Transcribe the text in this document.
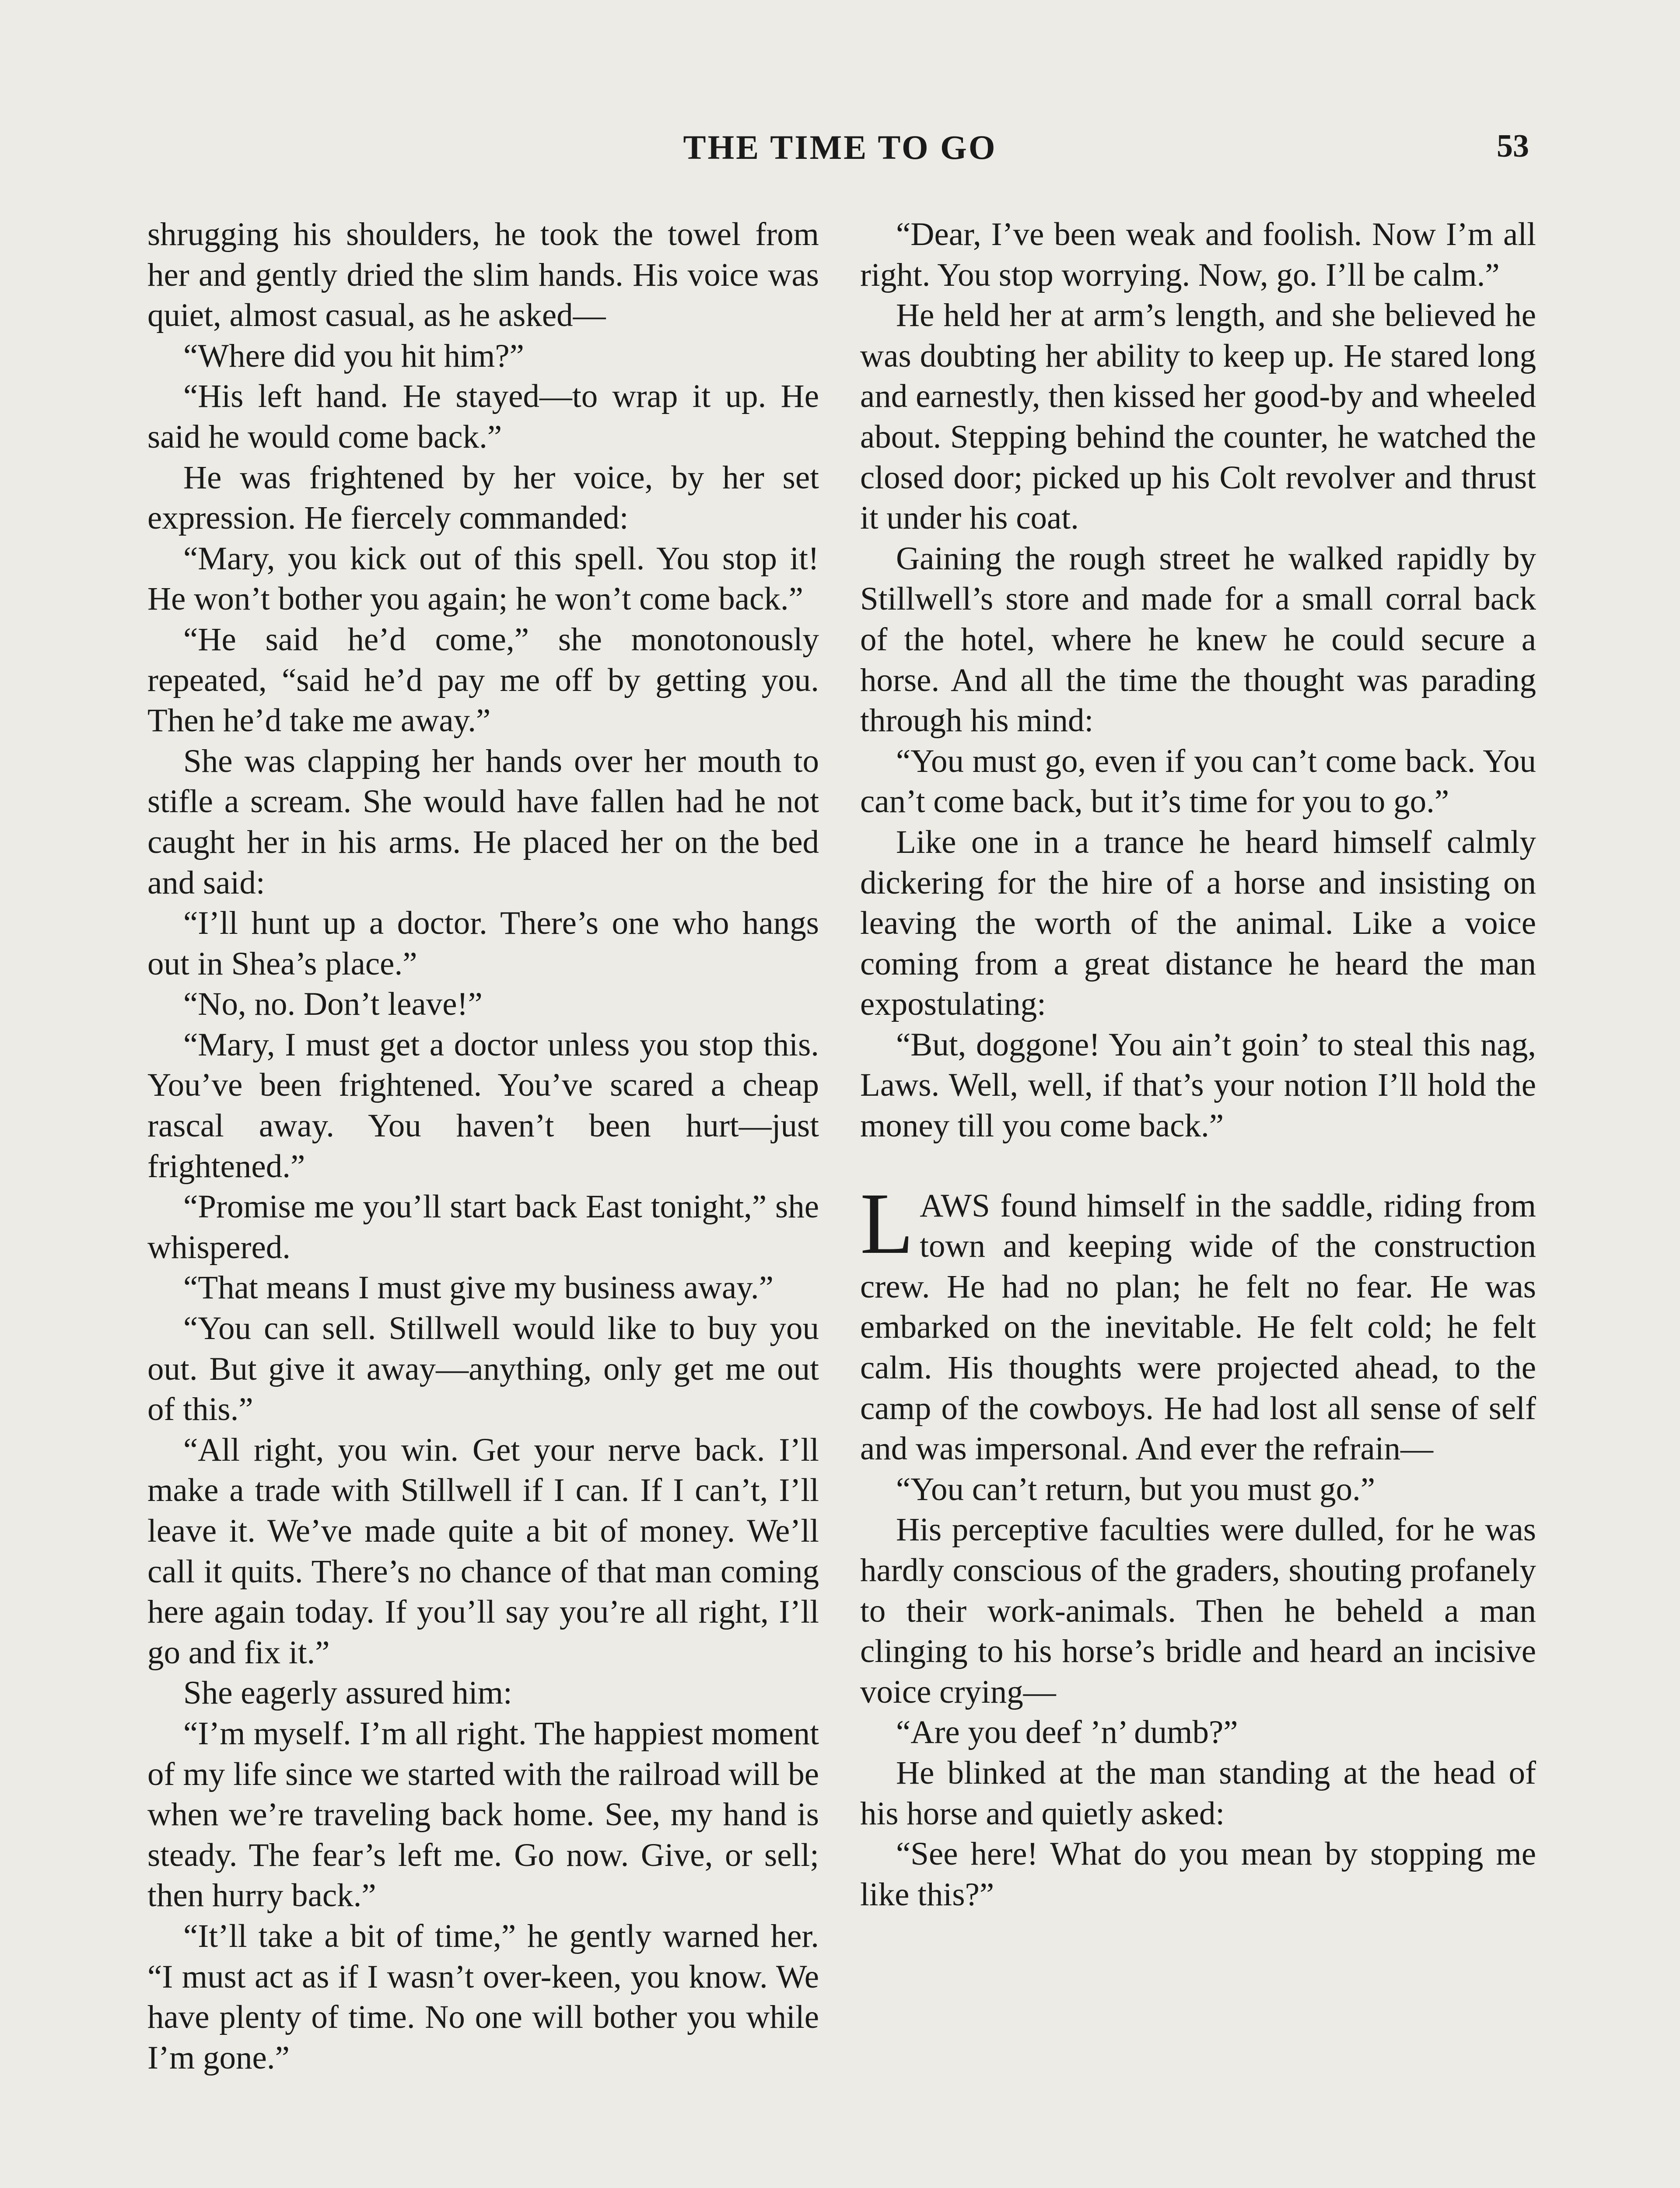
THE TIME TO GO	53

shrugging his shoulders, he took the towel from her and gently dried the slim hands. His voice was quiet, almost casual, as he asked—

“Where did you hit him?”

“His left hand. He stayed—to wrap it up. He said he would come back.”

He was frightened by her voice, by her set expression. He fiercely commanded:

“Mary, you kick out of this spell. You stop it! He won’t bother you again; he won’t come back.”

“He said he’d come,” she monotonously repeated, “said he’d pay me off by getting you. Then he’d take me away.”

She was clapping her hands over her mouth to stifle a scream. She would have fallen had he not caught her in his arms. He placed her on the bed and said:

“I’ll hunt up a doctor. There’s one who hangs out in Shea’s place.”

“No, no. Don’t leave!”

“Mary, I must get a doctor unless you stop this. You’ve been frightened. You’ve scared a cheap rascal away. You haven’t been hurt—just frightened.”

“Promise me you’ll start back East tonight,” she whispered.

“That means I must give my business away.”

“You can sell. Stillwell would like to buy you out. But give it away—anything, only get me out of this.”

“All right, you win. Get your nerve back. I’ll make a trade with Stillwell if I can. If I can’t, I’ll leave it. We’ve made quite a bit of money. We’ll call it quits. There’s no chance of that man coming here again today. If you’ll say you’re all right, I’ll go and fix it.”

She eagerly assured him:

“I’m myself. I’m all right. The happiest moment of my life since we started with the railroad will be when we’re traveling back home. See, my hand is steady. The fear’s left me. Go now. Give, or sell; then hurry back.”

“It’ll take a bit of time,” he gently warned her. “I must act as if I wasn’t over-keen, you know. We have plenty of time. No one will bother you while I’m gone.”

“Dear, I’ve been weak and foolish. Now I’m all right. You stop worrying. Now, go. I’ll be calm.”

He held her at arm’s length, and she believed he was doubting her ability to keep up. He stared long and earnestly, then kissed her good-by and wheeled about. Stepping behind the counter, he watched the closed door; picked up his Colt revolver and thrust it under his coat.

Gaining the rough street he walked rapidly by Stillwell’s store and made for a small corral back of the hotel, where he knew he could secure a horse. And all the time the thought was parading through his mind:

“You must go, even if you can’t come back. You can’t come back, but it’s time for you to go.”

Like one in a trance he heard himself calmly dickering for the hire of a horse and insisting on leaving the worth of the animal. Like a voice coming from a great distance he heard the man expostulating:

“But, doggone! You ain’t goin’ to steal this nag, Laws. Well, well, if that’s your notion I’ll hold the money till you come back.”

LAWS found himself in the saddle, riding from town and keeping wide of the construction crew. He had no plan; he felt no fear. He was embarked on the inevitable. He felt cold; he felt calm. His thoughts were projected ahead, to the camp of the cowboys. He had lost all sense of self and was impersonal. And ever the refrain—

“You can’t return, but you must go.”

His perceptive faculties were dulled, for he was hardly conscious of the graders, shouting profanely to their work-animals. Then he beheld a man clinging to his horse’s bridle and heard an incisive voice crying—

“Are you deef ’n’ dumb?”

He blinked at the man standing at the head of his horse and quietly asked:

“See here! What do you mean by stopping me like this?”
